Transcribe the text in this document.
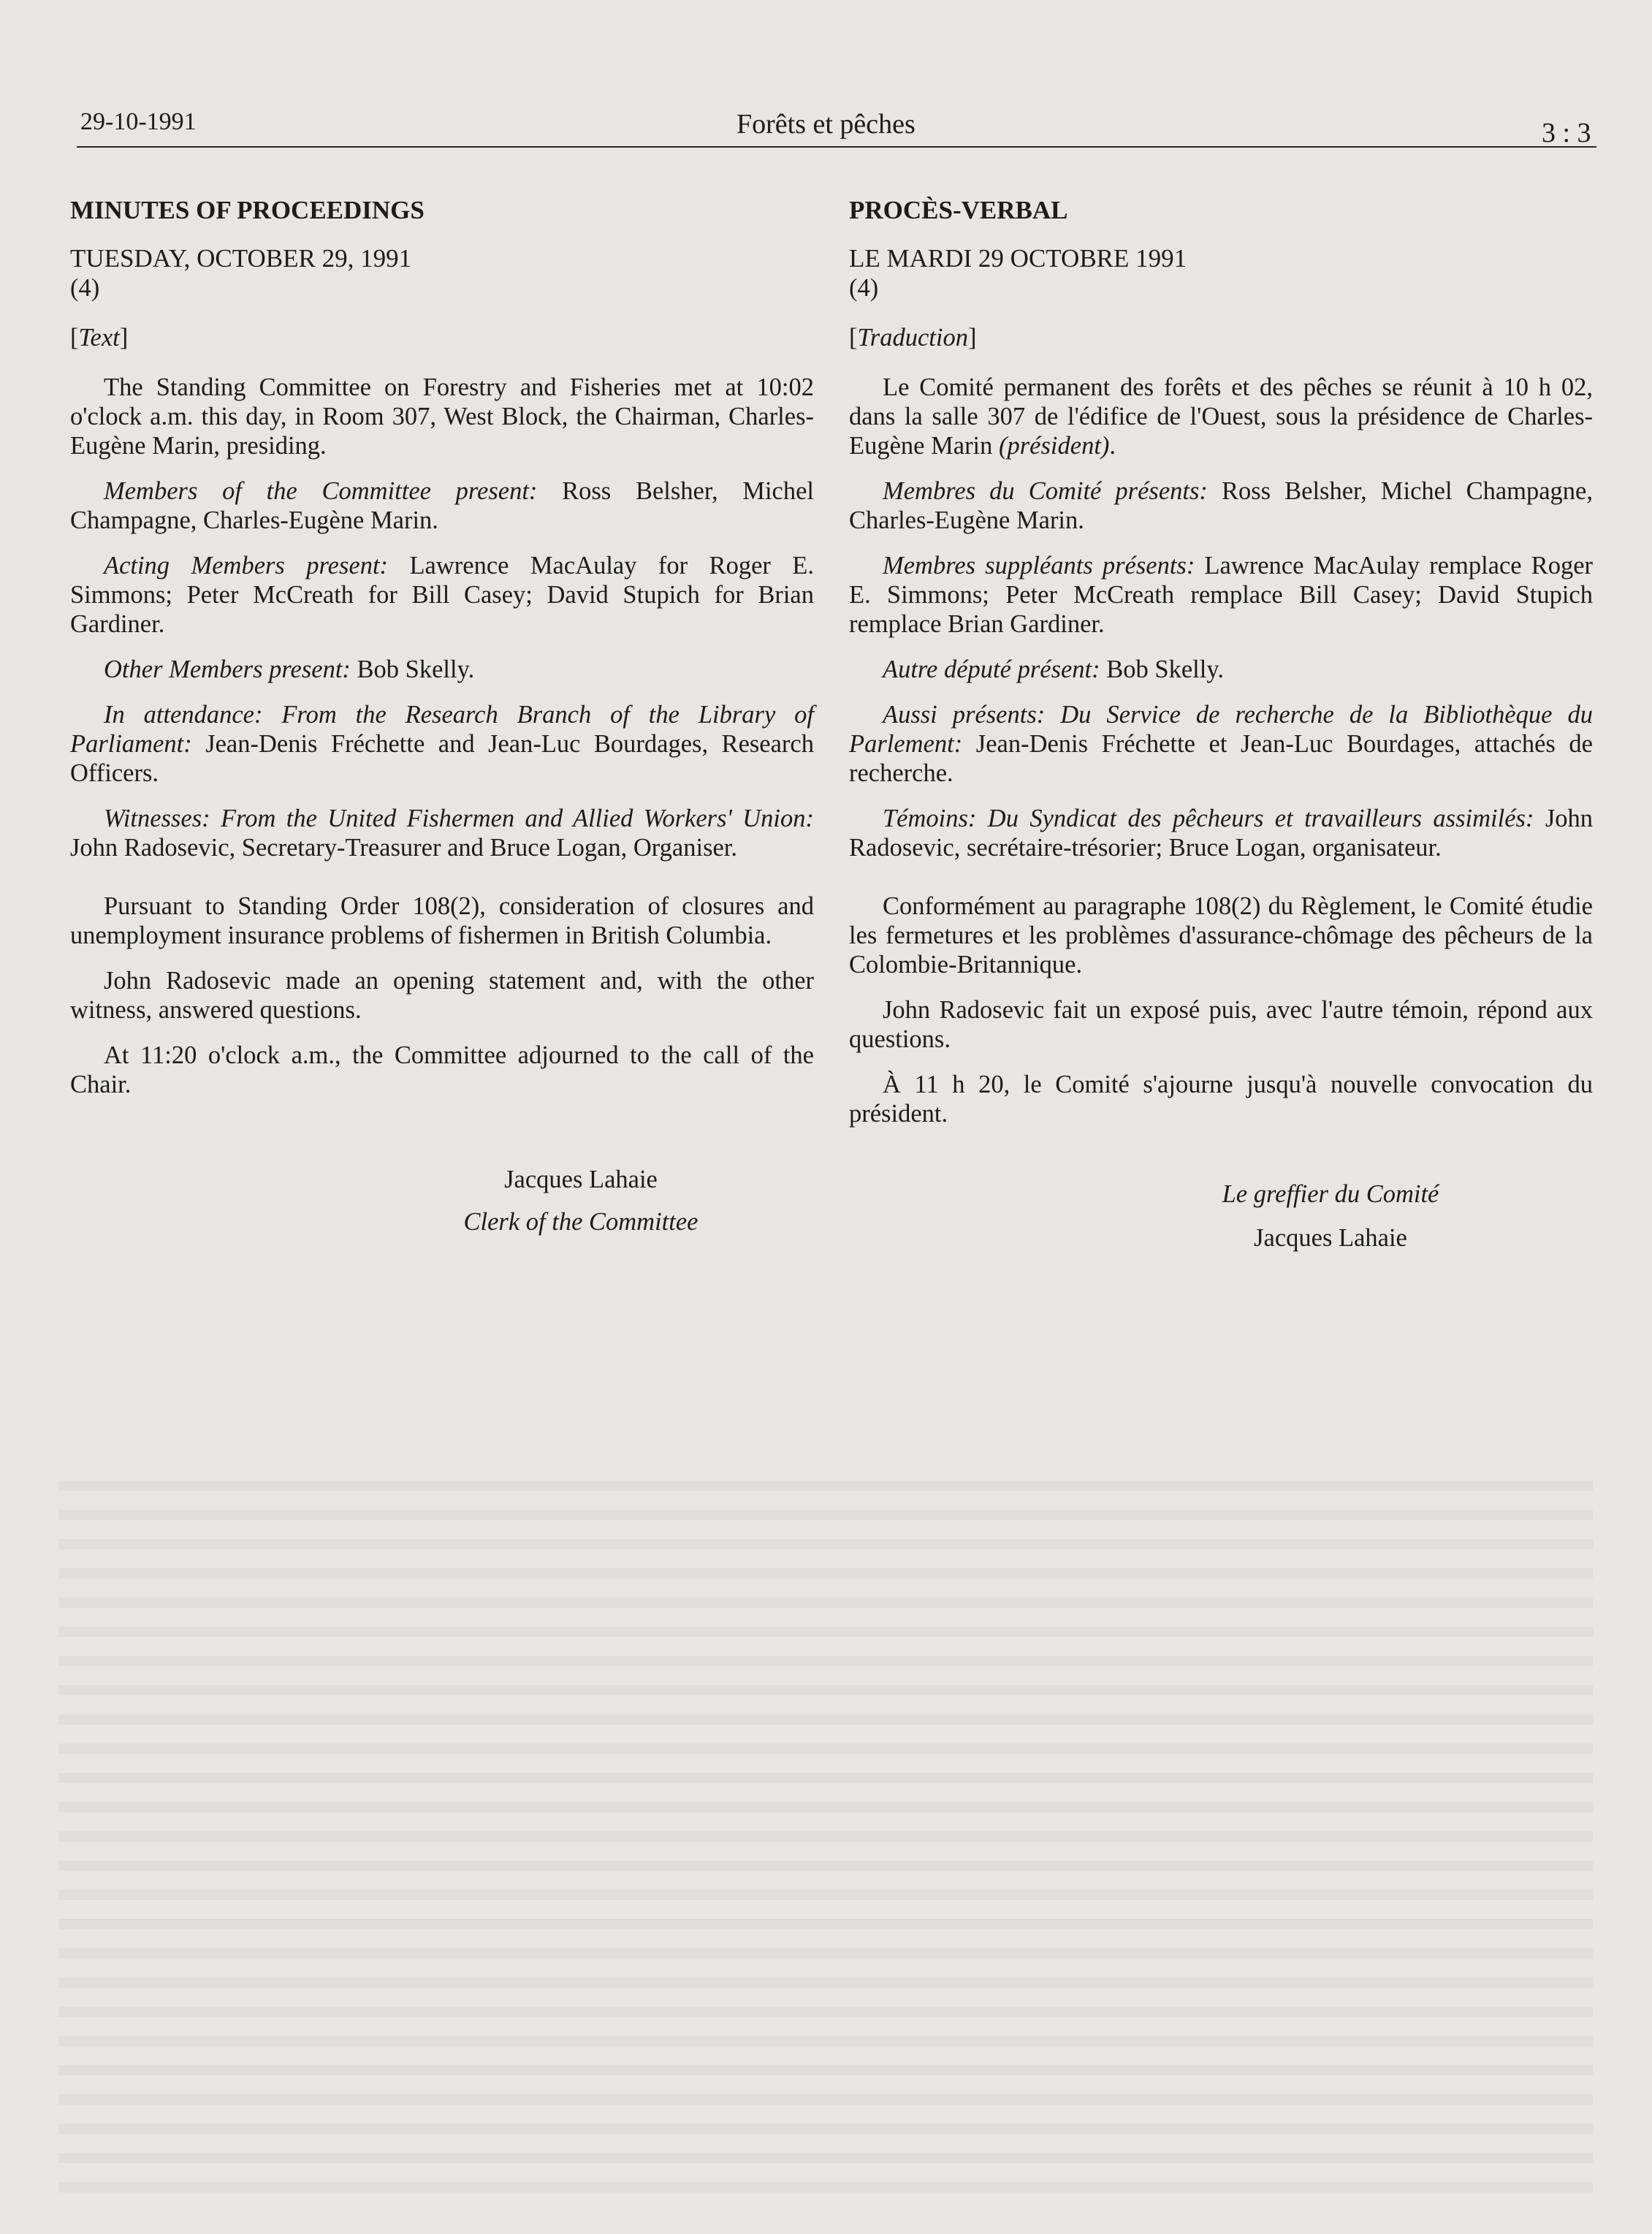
29-10-1991	Forêts et pêches	3 : 3
MINUTES OF PROCEEDINGS
TUESDAY, OCTOBER 29, 1991
(4)
[Text]

The Standing Committee on Forestry and Fisheries met at 10:02 o'clock a.m. this day, in Room 307, West Block, the Chairman, Charles-Eugène Marin, presiding.

Members of the Committee present: Ross Belsher, Michel Champagne, Charles-Eugène Marin.

Acting Members present: Lawrence MacAulay for Roger E. Simmons; Peter McCreath for Bill Casey; David Stupich for Brian Gardiner.

Other Members present: Bob Skelly.

In attendance: From the Research Branch of the Library of Parliament: Jean-Denis Fréchette and Jean-Luc Bourdages, Research Officers.

Witnesses: From the United Fishermen and Allied Workers' Union: John Radosevic, Secretary-Treasurer and Bruce Logan, Organiser.

Pursuant to Standing Order 108(2), consideration of closures and unemployment insurance problems of fishermen in British Columbia.

John Radosevic made an opening statement and, with the other witness, answered questions.

At 11:20 o'clock a.m., the Committee adjourned to the call of the Chair.

Jacques Lahaie
Clerk of the Committee
PROCÈS-VERBAL
LE MARDI 29 OCTOBRE 1991
(4)
[Traduction]

Le Comité permanent des forêts et des pêches se réunit à 10 h 02, dans la salle 307 de l'édifice de l'Ouest, sous la présidence de Charles-Eugène Marin (président).

Membres du Comité présents: Ross Belsher, Michel Champagne, Charles-Eugène Marin.

Membres suppléants présents: Lawrence MacAulay remplace Roger E. Simmons; Peter McCreath remplace Bill Casey; David Stupich remplace Brian Gardiner.

Autre député présent: Bob Skelly.

Aussi présents: Du Service de recherche de la Bibliothèque du Parlement: Jean-Denis Fréchette et Jean-Luc Bourdages, attachés de recherche.

Témoins: Du Syndicat des pêcheurs et travailleurs assimilés: John Radosevic, secrétaire-trésorier; Bruce Logan, organisateur.

Conformément au paragraphe 108(2) du Règlement, le Comité étudie les fermetures et les problèmes d'assurance-chômage des pêcheurs de la Colombie-Britannique.

John Radosevic fait un exposé puis, avec l'autre témoin, répond aux questions.

À 11 h 20, le Comité s'ajourne jusqu'à nouvelle convocation du président.

Le greffier du Comité
Jacques Lahaie
